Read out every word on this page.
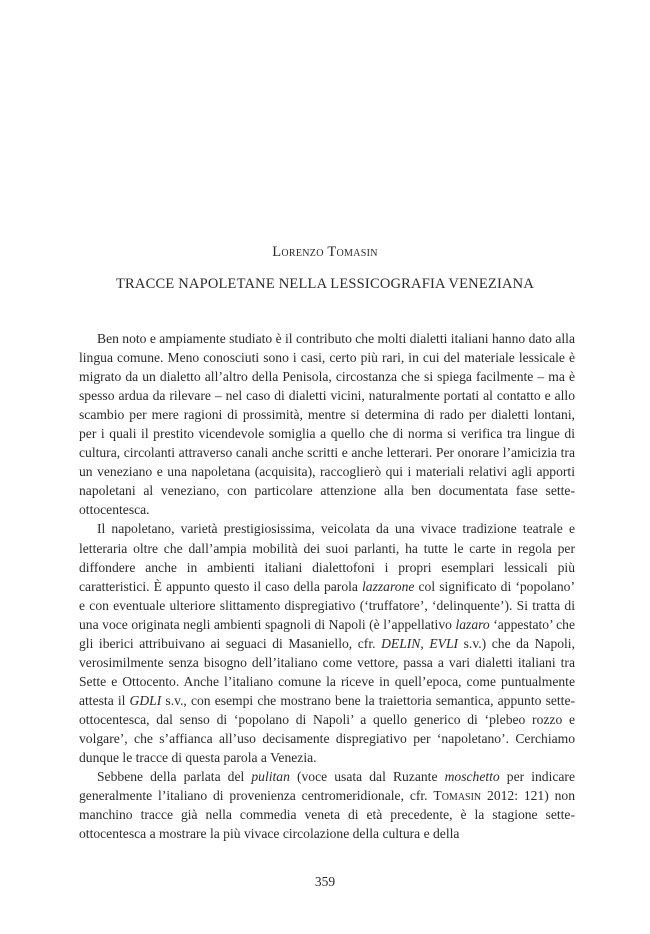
Lorenzo Tomasin
TRACCE NAPOLETANE NELLA LESSICOGRAFIA VENEZIANA

Ben noto e ampiamente studiato è il contributo che molti dialetti italiani hanno dato alla lingua comune. Meno conosciuti sono i casi, certo più rari, in cui del materiale lessicale è migrato da un dialetto all’altro della Penisola, circostanza che si spiega facilmente – ma è spesso ardua da rilevare – nel caso di dialetti vicini, naturalmente portati al contatto e allo scambio per mere ragioni di prossimità, mentre si determina di rado per dialetti lontani, per i quali il prestito vicendevole somiglia a quello che di norma si verifica tra lingue di cultura, circolanti attraverso canali anche scritti e anche letterari. Per onorare l’amicizia tra un veneziano e una napoletana (acquisita), raccoglierò qui i materiali relativi agli apporti napoletani al veneziano, con particolare attenzione alla ben documentata fase sette-ottocentesca.

Il napoletano, varietà prestigiosissima, veicolata da una vivace tradizione teatrale e letteraria oltre che dall’ampia mobilità dei suoi parlanti, ha tutte le carte in regola per diffondere anche in ambienti italiani dialettofoni i propri esemplari lessicali più caratteristici. È appunto questo il caso della parola lazzarone col significato di ‘popolano’ e con eventuale ulteriore slittamento dispregiativo (‘truffatore’, ‘delinquente’). Si tratta di una voce originata negli ambienti spagnoli di Napoli (è l’appellativo lazaro ‘appestato’ che gli iberici attribuivano ai seguaci di Masaniello, cfr. DELIN, EVLI s.v.) che da Napoli, verosimilmente senza bisogno dell’italiano come vettore, passa a vari dialetti italiani tra Sette e Ottocento. Anche l’italiano comune la riceve in quell’epoca, come puntualmente attesta il GDLI s.v., con esempi che mostrano bene la traiettoria semantica, appunto sette-ottocentesca, dal senso di ‘popolano di Napoli’ a quello generico di ‘plebeo rozzo e volgare’, che s’affianca all’uso decisamente dispregiativo per ‘napoletano’. Cerchiamo dunque le tracce di questa parola a Venezia.

Sebbene della parlata del pulitan (voce usata dal Ruzante moschetto per indicare generalmente l’italiano di provenienza centromeridionale, cfr. Tomasin 2012: 121) non manchino tracce già nella commedia veneta di età precedente, è la stagione sette-ottocentesca a mostrare la più vivace circolazione della cultura e della

359
